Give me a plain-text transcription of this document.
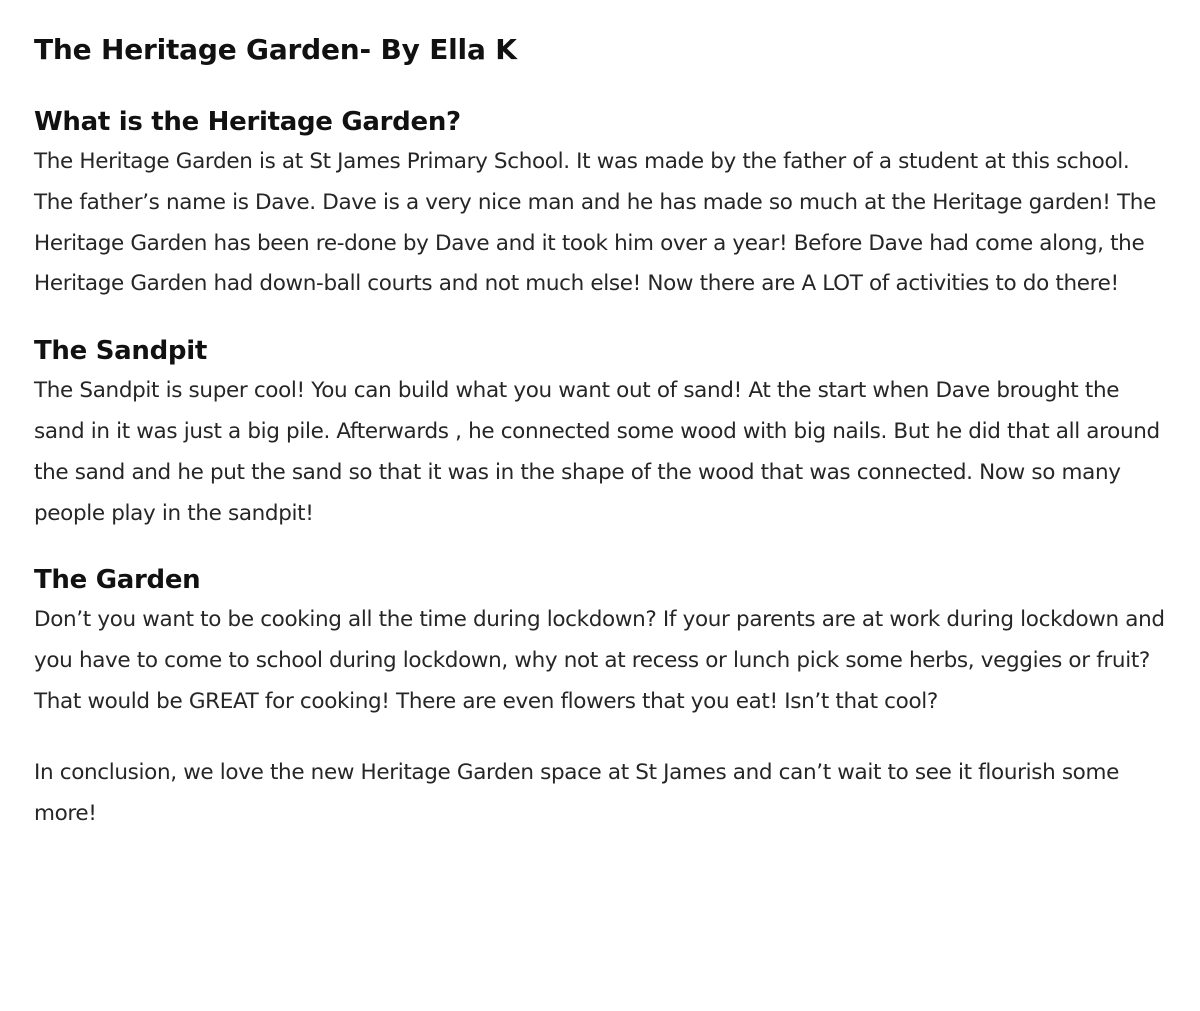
The Heritage Garden- By Ella K
What is the Heritage Garden?

The Heritage Garden is at St James Primary School. It was made by the father of a student at this school. The father’s name is Dave. Dave is a very nice man and he has made so much at the Heritage garden! The Heritage Garden has been re-done by Dave and it took him over a year! Before Dave had come along, the Heritage Garden had down-ball courts and not much else! Now there are A LOT of activities to do there!

The Sandpit

The Sandpit is super cool! You can build what you want out of sand! At the start when Dave brought the sand in it was just a big pile. Afterwards , he connected some wood with big nails. But he did that all around the sand and he put the sand so that it was in the shape of the wood that was connected. Now so many people play in the sandpit!

The Garden

Don’t you want to be cooking all the time during lockdown? If your parents are at work during lockdown and you have to come to school during lockdown, why not at recess or lunch pick some herbs, veggies or fruit? That would be GREAT for cooking! There are even flowers that you eat! Isn’t that cool?

In conclusion, we love the new Heritage Garden space at St James and can’t wait to see it flourish some more!
